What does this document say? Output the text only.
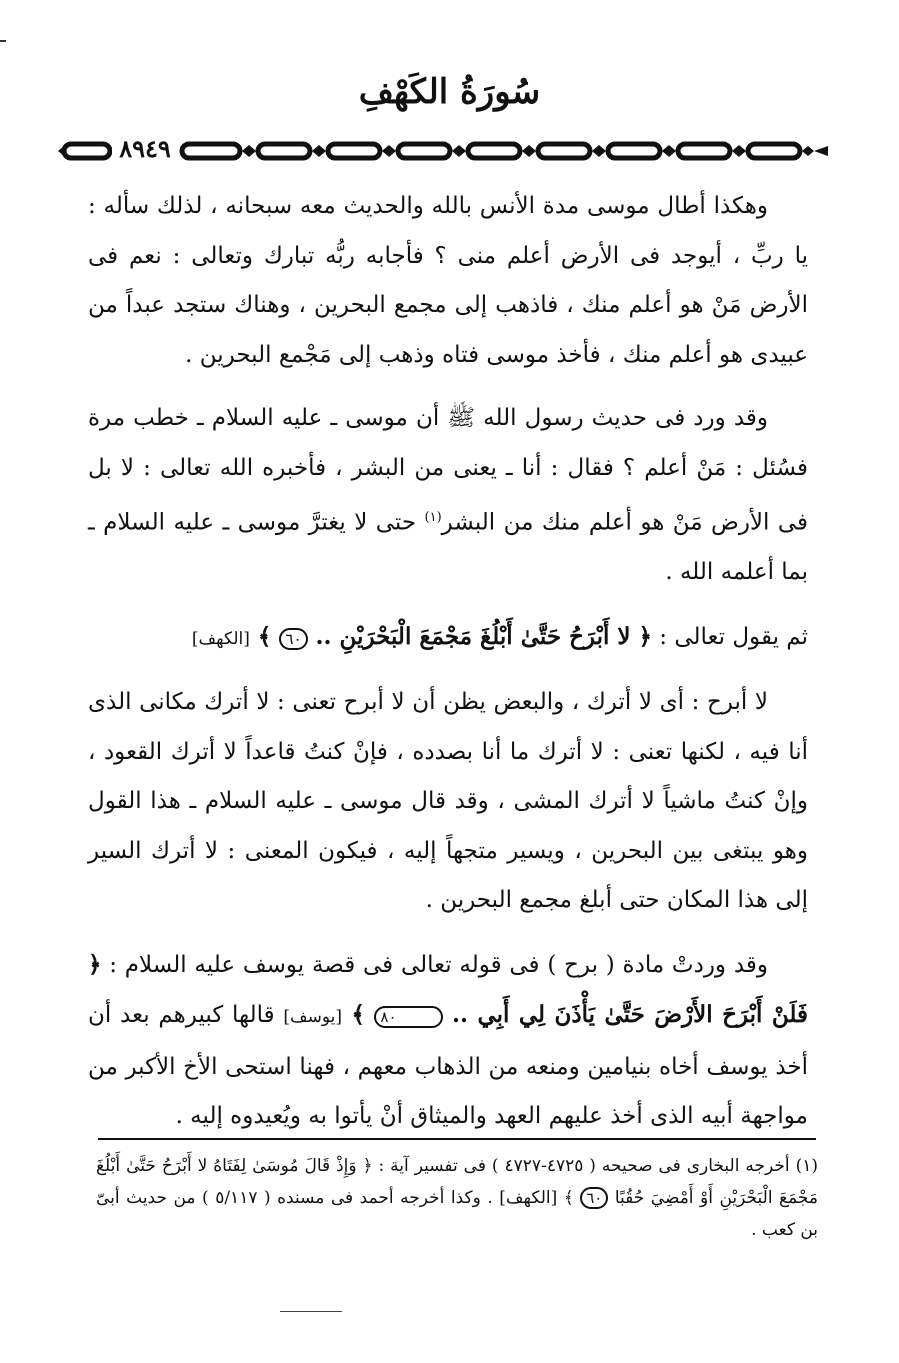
سُورَةُ الكَهْفِ
٨٩٤٩

وهكذا أطال موسى مدة الأنس بالله والحديث معه سبحانه ، لذلك سأله : يا ربِّ ، أيوجد فى الأرض أعلم منى ؟ فأجابه ربُّه تبارك وتعالى : نعم فى الأرض مَنْ هو أعلم منك ، فاذهب إلى مجمع البحرين ، وهناك ستجد عبداً من عبيدى هو أعلم منك ، فأخذ موسى فتاه وذهب إلى مَجْمع البحرين .

وقد ورد فى حديث رسول الله ﷺ أن موسى ـ عليه السلام ـ خطب مرة فسُئل : مَنْ أعلم ؟ فقال : أنا ـ يعنى من البشر ، فأخبره الله تعالى : لا بل فى الأرض مَنْ هو أعلم منك من البشر$^{(١)}$ حتى لا يغترَّ موسى ـ عليه السلام ـ بما أعلمه الله .

ثم يقول تعالى : ﴿ لا أَبْرَحُ حَتَّىٰ أَبْلُغَ مَجْمَعَ الْبَحْرَيْنِ .. ٦٠ ﴾ [الكهف]

لا أبرح : أى لا أترك ، والبعض يظن أن لا أبرح تعنى : لا أترك مكانى الذى أنا فيه ، لكنها تعنى : لا أترك ما أنا بصدده ، فإنْ كنتُ قاعداً لا أترك القعود ، وإنْ كنتُ ماشياً لا أترك المشى ، وقد قال موسى ـ عليه السلام ـ هذا القول وهو يبتغى بين البحرين ، ويسير متجهاً إليه ، فيكون المعنى : لا أترك السير إلى هذا المكان حتى أبلغ مجمع البحرين .

وقد وردتْ مادة ( برح ) فى قوله تعالى فى قصة يوسف عليه السلام : ﴿ فَلَنْ أَبْرَحَ الأَرْضَ حَتَّىٰ يَأْذَنَ لِي أَبِي .. ٨٠ ﴾ [يوسف] قالها كبيرهم بعد أن أخذ يوسف أخاه بنيامين ومنعه من الذهاب معهم ، فهنا استحى الأخ الأكبر من مواجهة أبيه الذى أخذ عليهم العهد والميثاق أنْ يأتوا به ويُعيدوه إليه .

(١) أخرجه البخارى فى صحيحه ( ٤٧٢٥-٤٧٢٧ ) فى تفسير آية : ﴿ وَإِذْ قَالَ مُوسَىٰ لِفَتَاهُ لا أَبْرَحُ حَتَّىٰ أَبْلُغَ مَجْمَعَ الْبَحْرَيْنِ أَوْ أَمْضِيَ حُقُبًا ٦٠ ﴾ [الكهف] . وكذا أخرجه أحمد فى مسنده ( ٥/١١٧ ) من حديث أبىّ بن كعب .
